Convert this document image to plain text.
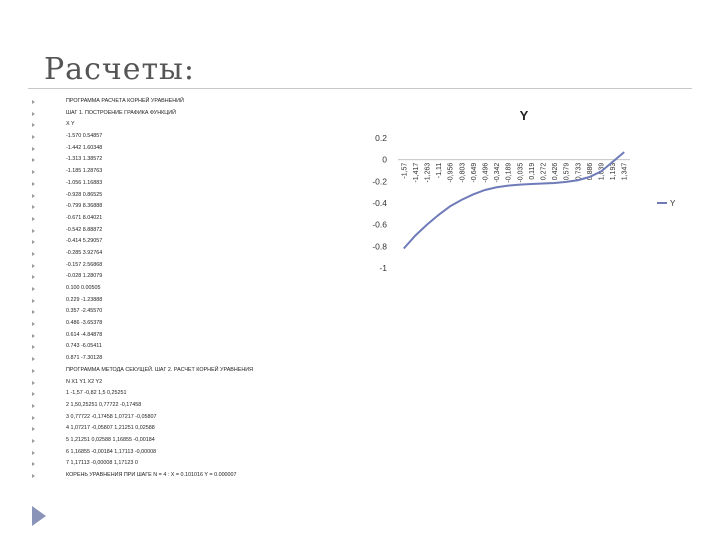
Расчеты:
ПРОГРАММА РАСЧЕТА КОРНЕЙ УРАВНЕНИЙ
ШАГ 1. ПОСТРОЕНИЕ ГРАФИКА ФУНКЦИЙ
X Y
-1.570 0.54857
-1.442 1.60348
-1.313 1.38572
-1.185 1.28763
-1.056 1.16883
-0.928 0.86525
-0.799 8.36888
-0.671 8.04021
-0.542 8.88872
-0.414 5.29057
-0.285 3.92764
-0.157 2.56868
-0.028 1.28079
0.100 0.00505
0.229 -1.23888
0.357 -2.45570
0.486 -3.65378
0.614 -4.84878
0.743 -6.05411
0.871 -7.30128
ПРОГРАММА МЕТОДА СЕКУЩЕЙ. ШАГ 2. РАСЧЕТ КОРНЕЙ УРАВНЕНИЯ
N X1 Y1 X2 Y2
1 -1,57 -0,82 1,5 0,25251
2 1,50,25251 0,77722 -0,17458
3 0,77722 -0,17458 1,07217 -0,05807
4 1,07217 -0,05807 1,21251 0,02588
5 1,21251 0,02588 1,16855 -0,00184
6 1,16855 -0,00184 1,17113 -0,00008
7 1,17113 -0,00008 1,17123 0
КОРЕНЬ УРАВНЕНИЯ ПРИ ШАГЕ N = 4 : X = 0.101016 Y = 0.000007
Y
0.2
0
-0.2
-0.4
-0.6
-0.8
-1
-1,57 -1,417 -1,263 -1,11 -0,956 -0,803 -0,649 -0,496 -0,342 -0,189 -0,035 0,119 0,272 0,426 0,579 0,733 0,886 1,039 1,193 1,347
Y
